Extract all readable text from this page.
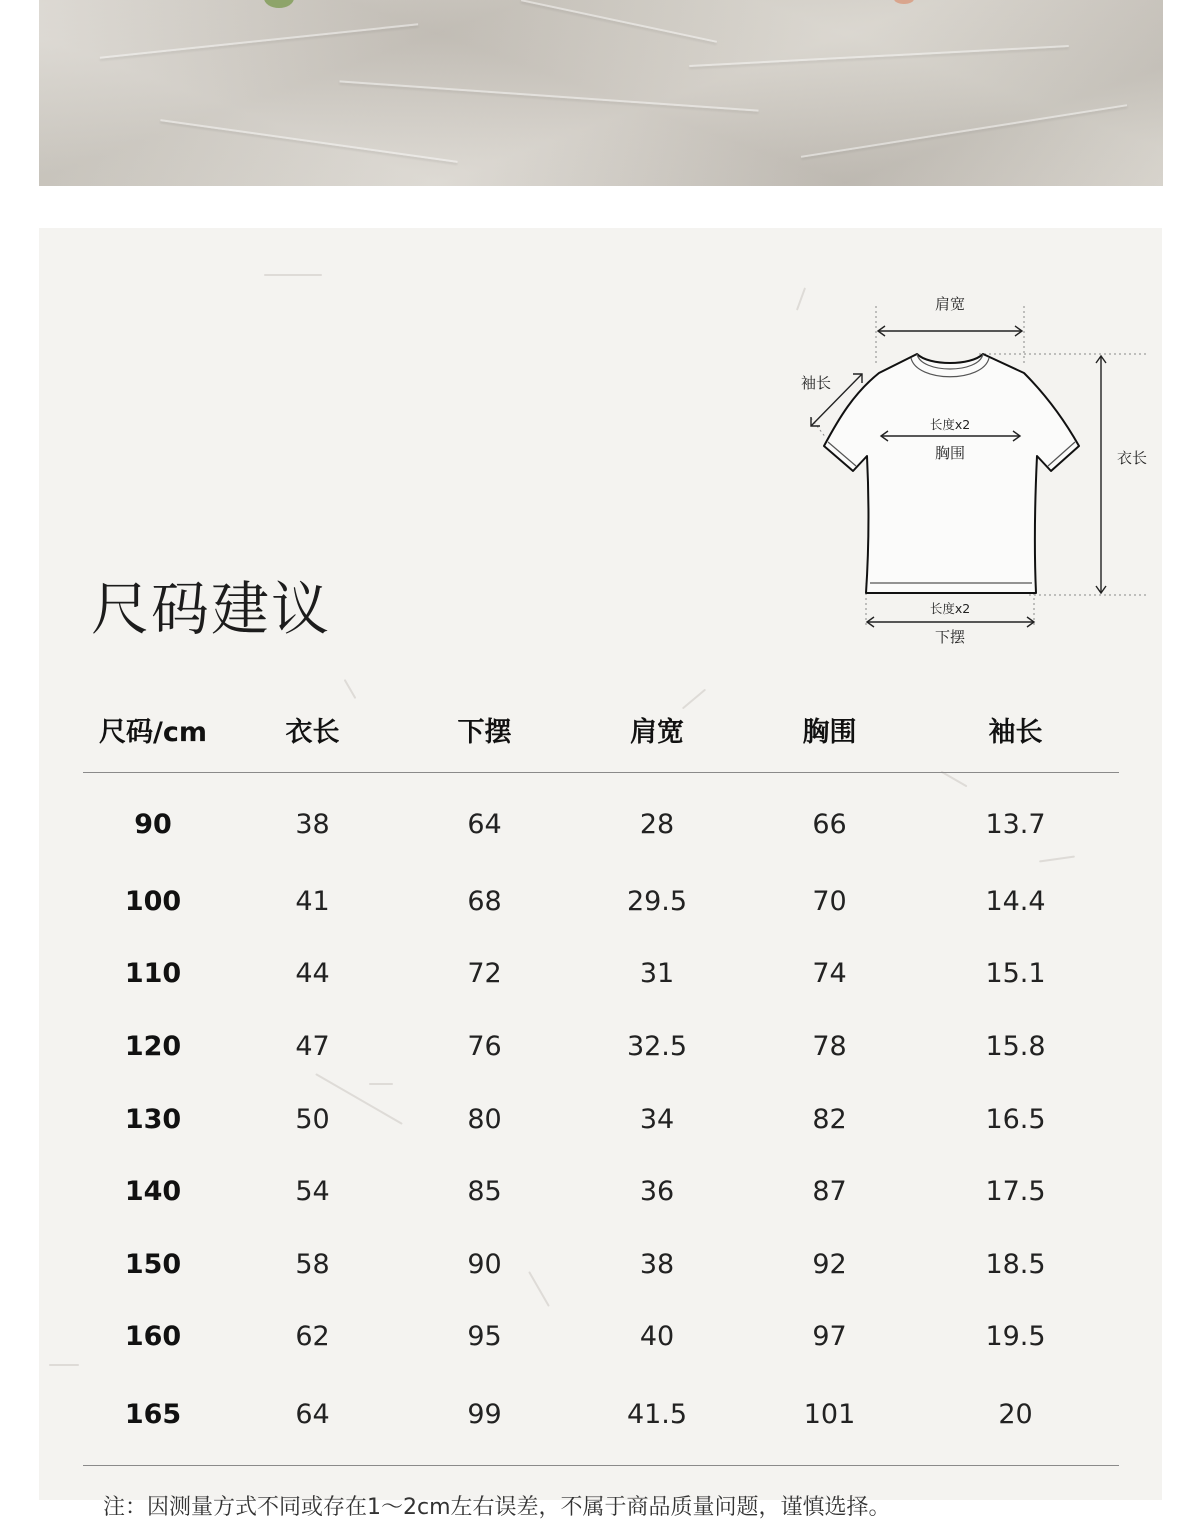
肩宽
袖长
衣长
长度x2
胸围
长度x2
下摆
尺码建议
尺码/cm	衣长	下摆	肩宽	胸围	袖长
90	38	64	28	66	13.7
100	41	68	29.5	70	14.4
110	44	72	31	74	15.1
120	47	76	32.5	78	15.8
130	50	80	34	82	16.5
140	54	85	36	87	17.5
150	58	90	38	92	18.5
160	62	95	40	97	19.5
165	64	99	41.5	101	20

注：因测量方式不同或存在1～2cm左右误差，不属于商品质量问题，谨慎选择。
